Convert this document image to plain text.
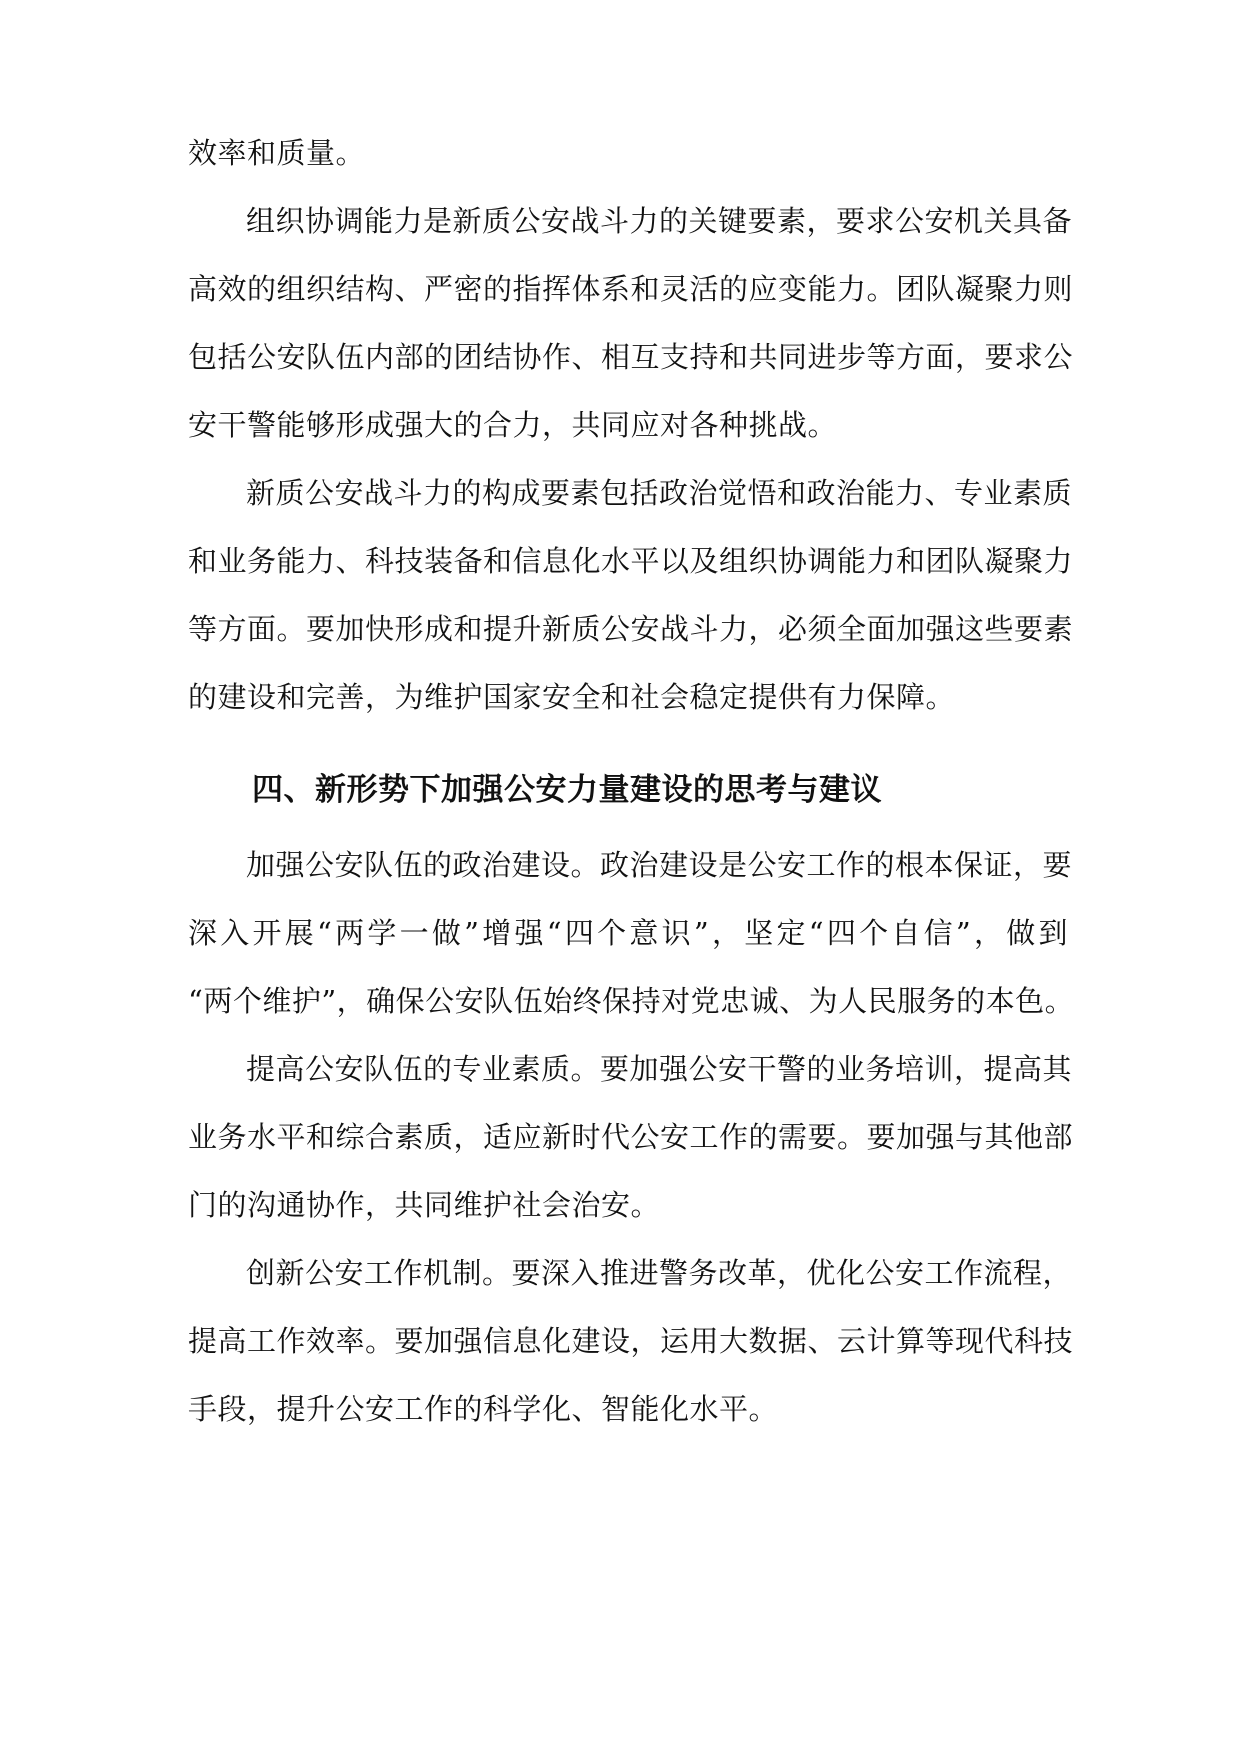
效率和质量。
组织协调能力是新质公安战斗力的关键要素，要求公安机关具备
高效的组织结构、严密的指挥体系和灵活的应变能力。团队凝聚力则
包括公安队伍内部的团结协作、相互支持和共同进步等方面，要求公
安干警能够形成强大的合力，共同应对各种挑战。
新质公安战斗力的构成要素包括政治觉悟和政治能力、专业素质
和业务能力、科技装备和信息化水平以及组织协调能力和团队凝聚力
等方面。要加快形成和提升新质公安战斗力，必须全面加强这些要素
的建设和完善，为维护国家安全和社会稳定提供有力保障。
四、新形势下加强公安力量建设的思考与建议
加强公安队伍的政治建设。政治建设是公安工作的根本保证，要
深入开展“两学一做”增强“四个意识”，坚定“四个自信”，做到
“两个维护”，确保公安队伍始终保持对党忠诚、为人民服务的本色。
提高公安队伍的专业素质。要加强公安干警的业务培训，提高其
业务水平和综合素质，适应新时代公安工作的需要。要加强与其他部
门的沟通协作，共同维护社会治安。
创新公安工作机制。要深入推进警务改革，优化公安工作流程，
提高工作效率。要加强信息化建设，运用大数据、云计算等现代科技
手段，提升公安工作的科学化、智能化水平。
